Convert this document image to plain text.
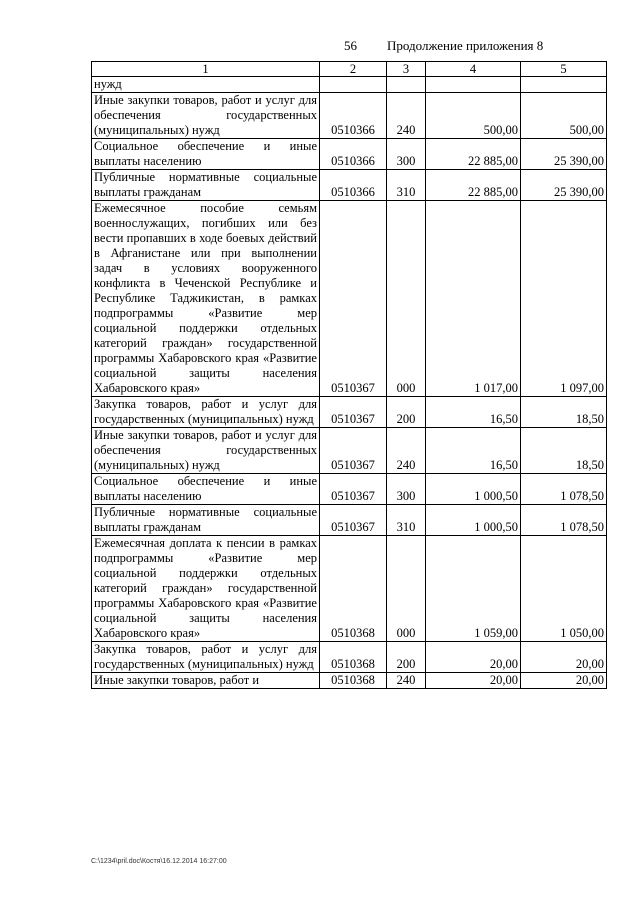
56 Продолжение приложения 8
1	2	3	4	5
нужд				
Иные закупки товаров, работ и услуг для обеспечения государственных (муниципальных) нужд	0510366	240	500,00	500,00
Социальное обеспечение и иные выплаты населению	0510366	300	22 885,00	25 390,00
Публичные нормативные социальные выплаты гражданам	0510366	310	22 885,00	25 390,00
Ежемесячное пособие семьям военнослужащих, погибших или без вести пропавших в ходе боевых действий в Афганистане или при выполнении задач в условиях вооруженного конфликта в Чеченской Республике и Республике Таджикистан, в рамках подпрограммы «Развитие мер социальной поддержки отдельных категорий граждан» государственной программы Хабаровского края «Развитие социальной защиты населения Хабаровского края»	0510367	000	1 017,00	1 097,00
Закупка товаров, работ и услуг для государственных (муниципальных) нужд	0510367	200	16,50	18,50
Иные закупки товаров, работ и услуг для обеспечения государственных (муниципальных) нужд	0510367	240	16,50	18,50
Социальное обеспечение и иные выплаты населению	0510367	300	1 000,50	1 078,50
Публичные нормативные социальные выплаты гражданам	0510367	310	1 000,50	1 078,50
Ежемесячная доплата к пенсии в рамках подпрограммы «Развитие мер социальной поддержки отдельных категорий граждан» государственной программы Хабаровского края «Развитие социальной защиты населения Хабаровского края»	0510368	000	1 059,00	1 050,00
Закупка товаров, работ и услуг для государственных (муниципальных) нужд	0510368	200	20,00	20,00
Иные закупки товаров, работ и	0510368	240	20,00	20,00
C:\1234\pril.doc\Костя\16.12.2014 16:27:00
